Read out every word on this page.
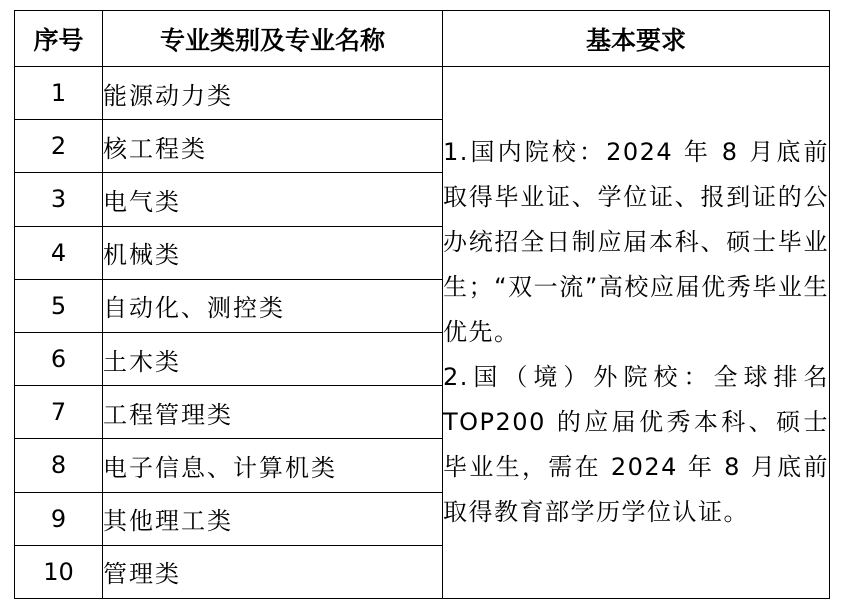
序号	专业类别及专业名称	基本要求
1	能源动力类	1.国内院校：2024 年 8 月底前取得毕业证、学位证、报到证的公办统招全日制应届本科、硕士毕业生；“双一流”高校应届优秀毕业生优先。

2.国（境）外院校：全球排名TOP200 的应届优秀本科、硕士毕业生，需在 2024 年 8 月底前取得教育部学历学位认证。

2	核工程类	
3	电气类	
4	机械类	
5	自动化、测控类	
6	土木类	
7	工程管理类	
8	电子信息、计算机类	
9	其他理工类	
10	管理类	
